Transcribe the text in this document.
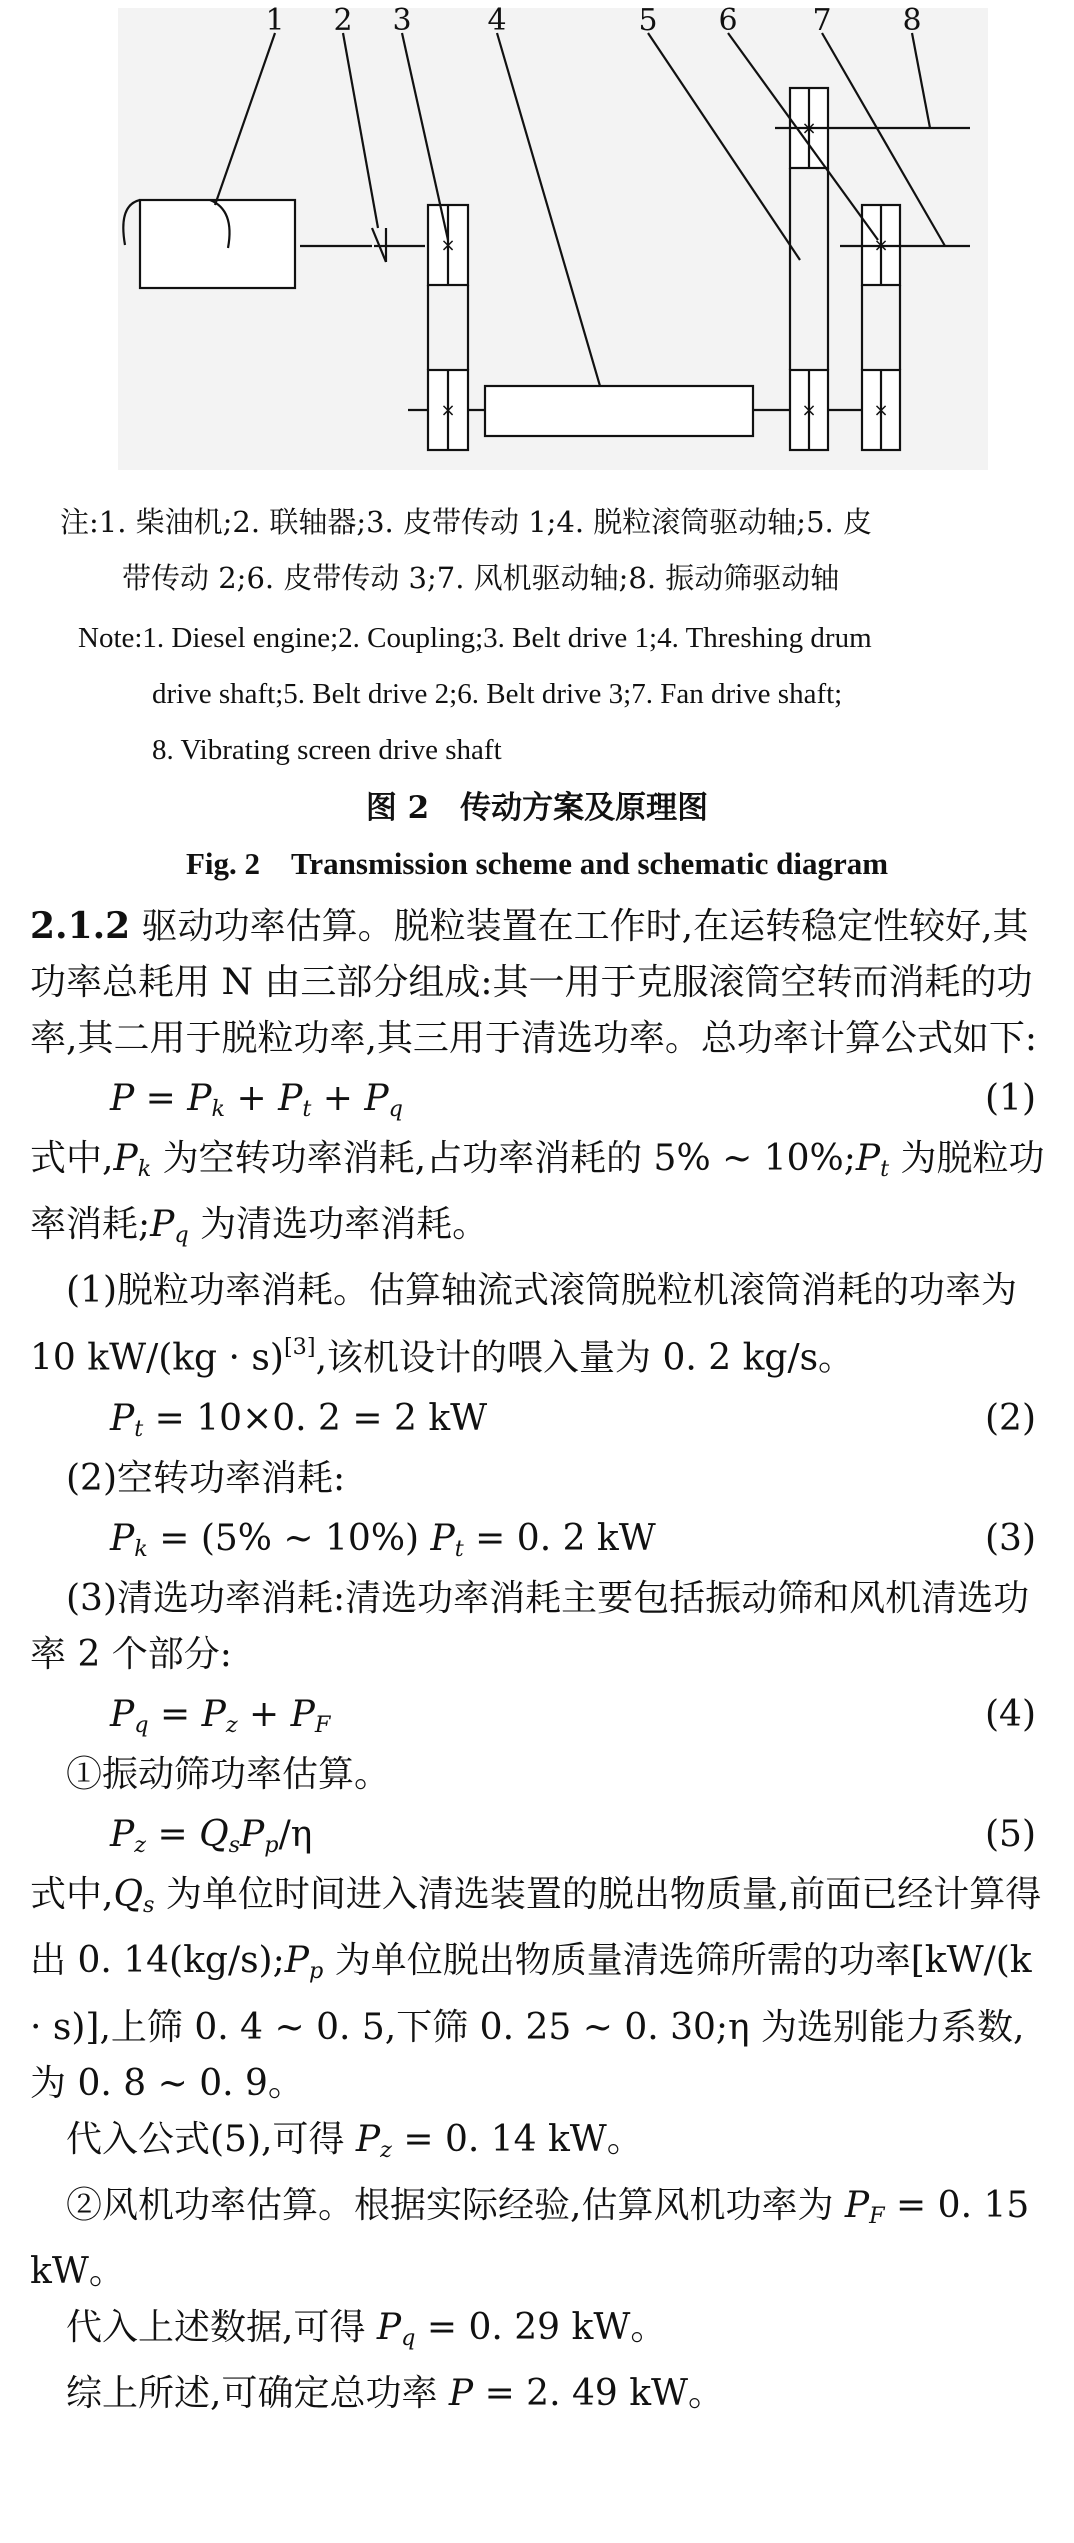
×
×
×
×
×
×
1 2 3	4	5 6 7 8
注:1. 柴油机;2. 联轴器;3. 皮带传动 1;4. 脱粒滚筒驱动轴;5. 皮
带传动 2;6. 皮带传动 3;7. 风机驱动轴;8. 振动筛驱动轴
Note:1. Diesel engine;2. Coupling;3. Belt drive 1;4. Threshing drum
drive shaft;5. Belt drive 2;6. Belt drive 3;7. Fan drive shaft;
8. Vibrating screen drive shaft
图 2　传动方案及原理图
Fig. 2　Transmission scheme and schematic diagram

2.1.2 驱动功率估算。脱粒装置在工作时,在运转稳定性较好,其功率总耗用 N 由三部分组成:其一用于克服滚筒空转而消耗的功率,其二用于脱粒功率,其三用于清选功率。总功率计算公式如下:

$P = P_k + P_t + P_q$	(1)

式中$,P_k$ 为空转功率消耗,占功率消耗的 5% ~ $10\%;P_t$ 为脱粒功率消耗$;P_q$ 为清选功率消耗。

(1)脱粒功率消耗。估算轴流式滚筒脱粒机滚筒消耗的功率为 10 kW/(kg · s)[3],该机设计的喂入量为 0. 2 kg/s。

$P_t = 10\times 0$. 2 = 2 kW	(2)

(2)空转功率消耗:

$P_k = (5\%$ ~ 10%) $P_t = 0$. 2 kW	(3)

(3)清选功率消耗:清选功率消耗主要包括振动筛和风机清选功率 2 个部分:

$P_q = P_z + P_F$	(4)

①振动筛功率估算。

$P_z = Q_sP_p/\eta$	(5)

式中$,Q_s$ 为单位时间进入清选装置的脱出物质量,前面已经计算得出 0. $14(kg/s);P_p$ 为单位脱出物质量清选筛所需的功率[kW/(k · s)],上筛 0. 4 ~ 0. 5,下筛 0. 25 ~ 0. 30;η 为选别能力系数,为 0. 8 ~ 0. 9。

代入公式(5),可得 $P_z = 0$. 14 kW。

②风机功率估算。根据实际经验,估算风机功率为 $P_F = 0$. 15 kW。

代入上述数据,可得 $P_q = 0$. 29 kW。

综上所述,可确定总功率 P = 2. 49 kW。
